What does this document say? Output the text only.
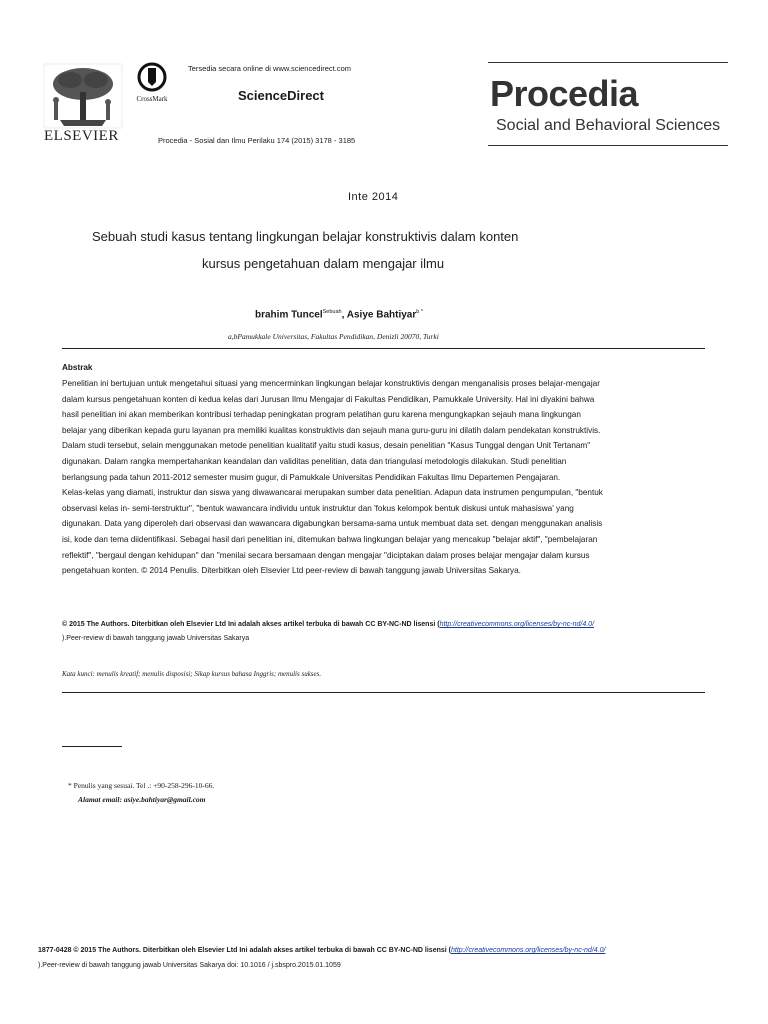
ELSEVIER
CrossMark
Tersedia secara online di www.sciencedirect.com
ScienceDirect
Procedia - Sosial dan Ilmu Perilaku 174 (2015) 3178 - 3185
Procedia
Social and Behavioral Sciences
Inte 2014
Sebuah studi kasus tentang lingkungan belajar konstruktivis dalam konten
kursus pengetahuan dalam mengajar ilmu
brahim Tuncel$^{Sebuah}$, Asiye Bahtiyar$^{b *}$
a,bPamukkale Universitas, Fakultas Pendidikan, Denizli 20070, Turki
Abstrak

Penelitian ini bertujuan untuk mengetahui situasi yang mencerminkan lingkungan belajar konstruktivis dengan menganalisis proses belajar-mengajar

dalam kursus pengetahuan konten di kedua kelas dari Jurusan Ilmu Mengajar di Fakultas Pendidikan, Pamukkale University. Hal ini diyakini bahwa

hasil penelitian ini akan memberikan kontribusi terhadap peningkatan program pelatihan guru karena mengungkapkan sejauh mana lingkungan

belajar yang diberikan kepada guru layanan pra memiliki kualitas konstruktivis dan sejauh mana guru-guru ini dilatih dalam pendekatan konstruktivis.

Dalam studi tersebut, selain menggunakan metode penelitian kualitatif yaitu studi kasus, desain penelitian "Kasus Tunggal dengan Unit Tertanam"

digunakan. Dalam rangka mempertahankan keandalan dan validitas penelitian, data dan triangulasi metodologis dilakukan. Studi penelitian

berlangsung pada tahun 2011-2012 semester musim gugur, di Pamukkale Universitas Pendidikan Fakultas Ilmu Departemen Pengajaran.

Kelas-kelas yang diamati, instruktur dan siswa yang diwawancarai merupakan sumber data penelitian. Adapun data instrumen pengumpulan, "bentuk

observasi kelas in- semi-terstruktur", "bentuk wawancara individu untuk instruktur dan 'fokus kelompok bentuk diskusi untuk mahasiswa' yang

digunakan. Data yang diperoleh dari observasi dan wawancara digabungkan bersama-sama untuk membuat data set. dengan menggunakan analisis

isi, kode dan tema diidentifikasi. Sebagai hasil dari penelitian ini, ditemukan bahwa lingkungan belajar yang mencakup "belajar aktif", "pembelajaran

reflektif", "bergaul dengan kehidupan" dan "menilai secara bersamaan dengan mengajar "diciptakan dalam proses belajar mengajar dalam kursus

pengetahuan konten. © 2014 Penulis. Diterbitkan oleh Elsevier Ltd peer-review di bawah tanggung jawab Universitas Sakarya.

© 2015 The Authors. Diterbitkan oleh Elsevier Ltd Ini adalah akses artikel terbuka di bawah CC BY-NC-ND lisensi (http://creativecommons.org/licenses/by-nc-nd/4.0/
).Peer-review di bawah tanggung jawab Universitas Sakarya
Kata kunci: menulis kreatif; menulis disposisi; Sikap kursus bahasa Inggris; menulis sukses.
* Penulis yang sesuai. Tel .: +90-258-296-10-66.
Alamat email: asiye.bahtiyar@gmail.com
1877-0428 © 2015 The Authors. Diterbitkan oleh Elsevier Ltd Ini adalah akses artikel terbuka di bawah CC BY-NC-ND lisensi (http://creativecommons.org/licenses/by-nc-nd/4.0/
).Peer-review di bawah tanggung jawab Universitas Sakarya doi: 10.1016 / j.sbspro.2015.01.1059
